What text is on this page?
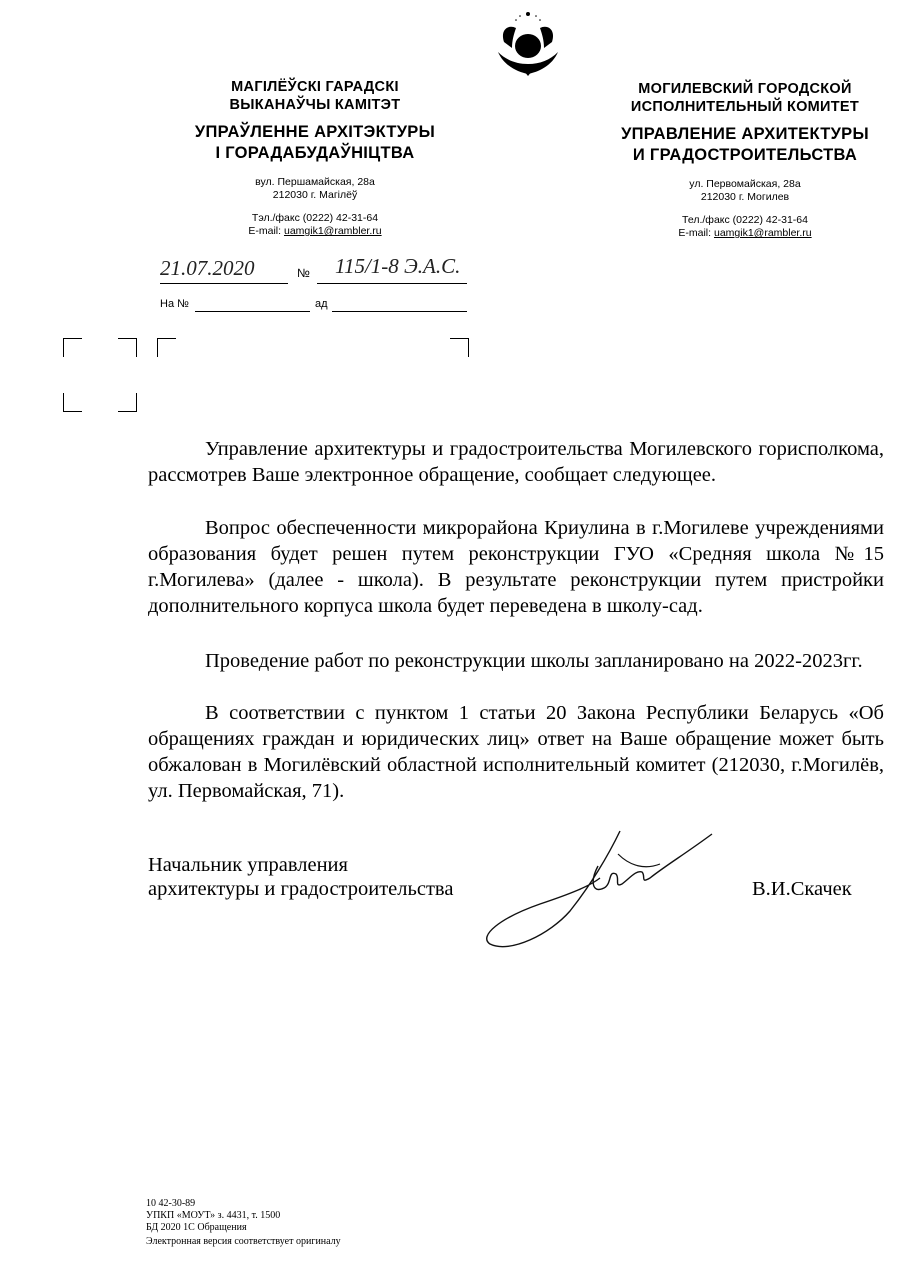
МАГІЛЁЎСКІ ГАРАДСКІ
ВЫКАНАЎЧЫ КАМІТЭТ
УПРАЎЛЕННЕ АРХІТЭКТУРЫ
І ГОРАДАБУДАЎНІЦТВА
вул. Першамайская, 28а
212030 г. Магілёў
Тэл./факс (0222) 42-31-64
E-mail: uamgik1@rambler.ru
МОГИЛЕВСКИЙ ГОРОДСКОЙ
ИСПОЛНИТЕЛЬНЫЙ КОМИТЕТ
УПРАВЛЕНИЕ АРХИТЕКТУРЫ
И ГРАДОСТРОИТЕЛЬСТВА
ул. Первомайская, 28а
212030 г. Могилев
Тел./факс (0222) 42-31-64
E-mail: uamgik1@rambler.ru
21.07.2020	№ 115/1-8 Э.А.С.
На №	ад

Управление архитектуры и градостроительства Могилевского горисполкома, рассмотрев Ваше электронное обращение, сообщает следующее.

Вопрос обеспеченности микрорайона Криулина в г.Могилеве учреждениями образования будет решен путем реконструкции ГУО «Средняя школа №15 г.Могилева» (далее - школа). В результате реконструкции путем пристройки дополнительного корпуса школа будет переведена в школу-сад.

Проведение работ по реконструкции школы запланировано на 2022-2023гг.

В соответствии с пунктом 1 статьи 20 Закона Республики Беларусь «Об обращениях граждан и юридических лиц» ответ на Ваше обращение может быть обжалован в Могилёвский областной исполнительный комитет (212030, г.Могилёв, ул. Первомайская, 71).

Начальник управления
архитектуры и градостроительства	В.И.Скачек
10 42-30-89
УПКП «МОУТ» з. 4431, т. 1500
БД 2020 1С Обращения
Электронная версия соответствует оригиналу
